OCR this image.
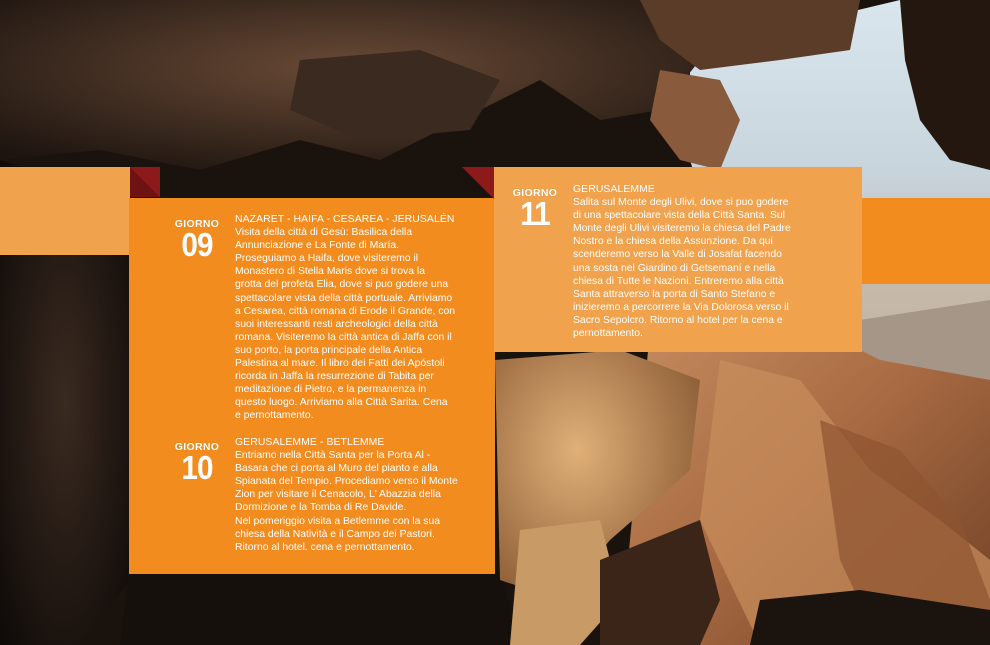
GIORNO
09
NAZARET - HAIFA - CESAREA - JERUSALÉN
Visita della città di Gesù: Basilica della
Annunciazione e La Fonte di María.
Proseguiamo a Haifa, dove visiteremo il
Monastero di Stella Maris dove si trova la
grotta del profeta Elia, dove si puo godere una
spettacolare vista della città portuale. Arriviamo
a Cesarea, città romana di Erode il Grande, con
suoi interessanti resti archeologici della città
romana. Visiteremo la città antica di Jaffa con il
suo porto, la porta principale della Antica
Palestina al mare. Il libro dei Fatti dei Apóstoli
ricorda in Jaffa la resurrezione di Tabita per
meditazione di Pietro, e la permanenza in
questo luogo. Arriviamo alla Città Sarita. Cena
e pernottamento.
GIORNO
10
GERUSALEMME - BETLEMME
Entriamo nella Città Santa per la Porta Al -
Basara che ci porta al Muro del pianto e alla
Spianata del Tempio. Procediamo verso il Monte
Zion per visitare il Cenacolo, L' Abazzia della
Dormizione e la Tomba di Re Davide.
Nel pomeriggio visita a Betlemme con la sua
chiesa della Natività e il Campo dei Pastori.
Ritorno al hotel. cena e pernottamento.
GIORNO
11
GERUSALEMME
Salita sul Monte degli Ulivi, dove si puo godere
di una spettacolare vista della Città Santa. Sul
Monte degli Ulivi visiteremo la chiesa del Padre
Nostro e la chiesa della Assunzione. Da qui
scenderemo verso la Valle di Josafat facendo
una sosta nel Giardino di Getsemaní e nella
chiesa di Tutte le Nazioni. Entreremo alla città
Santa attraverso la porta di Santo Stefano e
inizieremo a percorrere la Via Dolorosa verso il
Sacro Sepolcro. Ritorno al hotel per la cena e
pernottamento.
